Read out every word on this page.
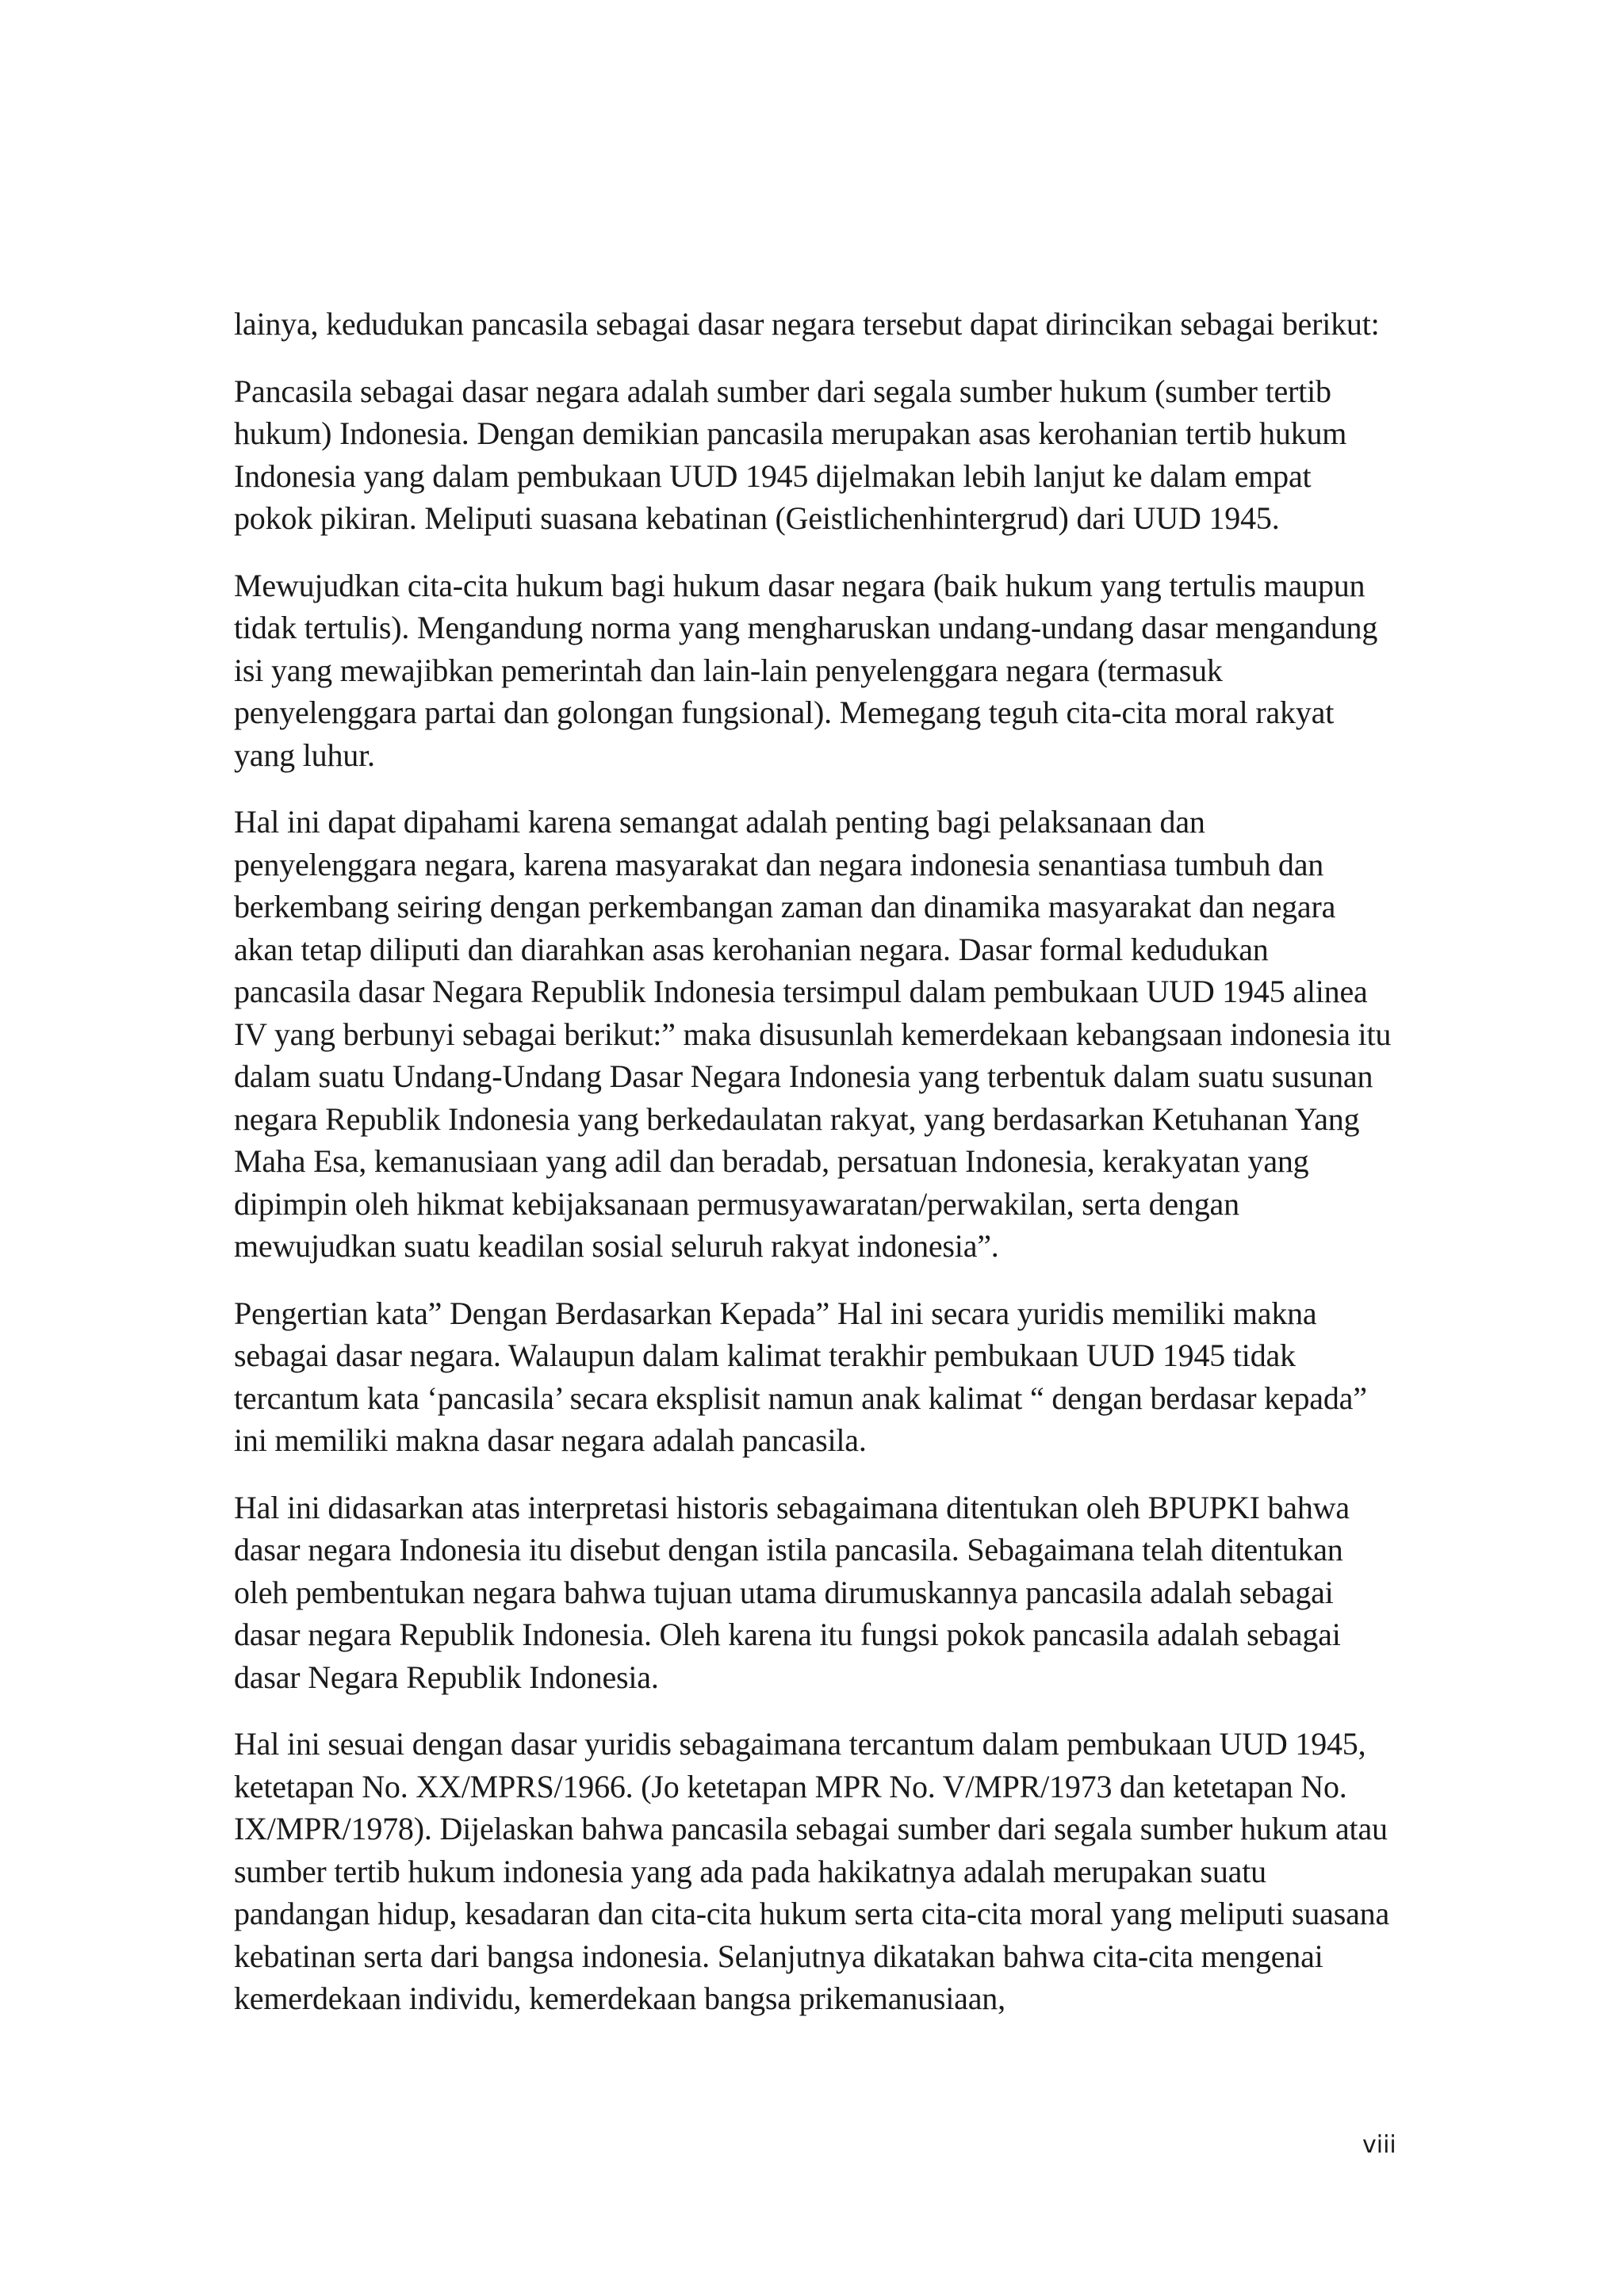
lainya, kedudukan pancasila sebagai dasar negara tersebut dapat dirincikan sebagai berikut:

Pancasila sebagai dasar negara adalah sumber dari segala sumber hukum (sumber tertib hukum) Indonesia. Dengan demikian pancasila merupakan asas kerohanian tertib hukum Indonesia yang dalam pembukaan UUD 1945 dijelmakan lebih lanjut ke dalam empat pokok pikiran. Meliputi suasana kebatinan (Geistlichenhintergrud) dari UUD 1945.

Mewujudkan cita-cita hukum bagi hukum dasar negara (baik hukum yang tertulis maupun tidak tertulis). Mengandung norma yang mengharuskan undang-undang dasar mengandung isi yang mewajibkan pemerintah dan lain-lain penyelenggara negara (termasuk penyelenggara partai dan golongan fungsional). Memegang teguh cita-cita moral rakyat yang luhur.

Hal ini dapat dipahami karena semangat adalah penting bagi pelaksanaan dan penyelenggara negara, karena masyarakat dan negara indonesia senantiasa tumbuh dan berkembang seiring dengan perkembangan zaman dan dinamika masyarakat dan negara akan tetap diliputi dan diarahkan asas kerohanian negara. Dasar formal kedudukan pancasila dasar Negara Republik Indonesia tersimpul dalam pembukaan UUD 1945 alinea IV yang berbunyi sebagai berikut:” maka disusunlah kemerdekaan kebangsaan indonesia itu dalam suatu Undang-Undang Dasar Negara Indonesia yang terbentuk dalam suatu susunan negara Republik Indonesia yang berkedaulatan rakyat, yang berdasarkan Ketuhanan Yang Maha Esa, kemanusiaan yang adil dan beradab, persatuan Indonesia, kerakyatan yang dipimpin oleh hikmat kebijaksanaan permusyawaratan/perwakilan, serta dengan mewujudkan suatu keadilan sosial seluruh rakyat indonesia”.

Pengertian kata” Dengan Berdasarkan Kepada” Hal ini secara yuridis memiliki makna sebagai dasar negara. Walaupun dalam kalimat terakhir pembukaan UUD 1945 tidak tercantum kata ‘pancasila’ secara eksplisit namun anak kalimat “ dengan berdasar kepada” ini memiliki makna dasar negara adalah pancasila.

Hal ini didasarkan atas interpretasi historis sebagaimana ditentukan oleh BPUPKI bahwa dasar negara Indonesia itu disebut dengan istila pancasila. Sebagaimana telah ditentukan oleh pembentukan negara bahwa tujuan utama dirumuskannya pancasila adalah sebagai dasar negara Republik Indonesia. Oleh karena itu fungsi pokok pancasila adalah sebagai dasar Negara Republik Indonesia.

Hal ini sesuai dengan dasar yuridis sebagaimana tercantum dalam pembukaan UUD 1945, ketetapan No. XX/MPRS/1966. (Jo ketetapan MPR No. V/MPR/1973 dan ketetapan No. IX/MPR/1978). Dijelaskan bahwa pancasila sebagai sumber dari segala sumber hukum atau sumber tertib hukum indonesia yang ada pada hakikatnya adalah merupakan suatu pandangan hidup, kesadaran dan cita-cita hukum serta cita-cita moral yang meliputi suasana kebatinan serta dari bangsa indonesia. Selanjutnya dikatakan bahwa cita-cita mengenai kemerdekaan individu, kemerdekaan bangsa prikemanusiaan,

viii
